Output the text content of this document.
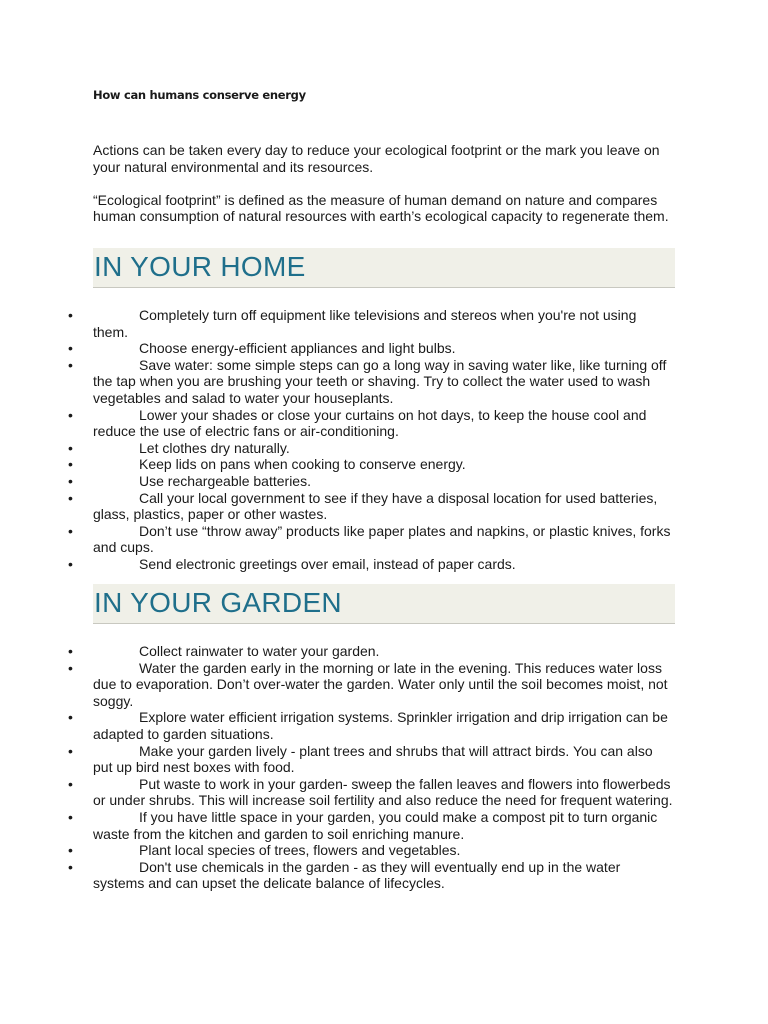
How can humans conserve energy

Actions can be taken every day to reduce your ecological footprint or the mark you leave on your natural environmental and its resources.

“Ecological footprint” is defined as the measure of human demand on nature and compares human consumption of natural resources with earth’s ecological capacity to regenerate them.

IN YOUR HOME
• Completely turn off equipment like televisions and stereos when you're not using them.
• Choose energy-efficient appliances and light bulbs.
• Save water: some simple steps can go a long way in saving water like, like turning off the tap when you are brushing your teeth or shaving. Try to collect the water used to wash vegetables and salad to water your houseplants.
• Lower your shades or close your curtains on hot days, to keep the house cool and reduce the use of electric fans or air-conditioning.
• Let clothes dry naturally.
• Keep lids on pans when cooking to conserve energy.
• Use rechargeable batteries.
• Call your local government to see if they have a disposal location for used batteries, glass, plastics, paper or other wastes.
• Don’t use “throw away” products like paper plates and napkins, or plastic knives, forks and cups.
• Send electronic greetings over email, instead of paper cards.
IN YOUR GARDEN
• Collect rainwater to water your garden.
• Water the garden early in the morning or late in the evening. This reduces water loss due to evaporation. Don’t over-water the garden. Water only until the soil becomes moist, not soggy.
• Explore water efficient irrigation systems. Sprinkler irrigation and drip irrigation can be adapted to garden situations.
• Make your garden lively - plant trees and shrubs that will attract birds. You can also put up bird nest boxes with food.
• Put waste to work in your garden- sweep the fallen leaves and flowers into flowerbeds or under shrubs. This will increase soil fertility and also reduce the need for frequent watering.
• If you have little space in your garden, you could make a compost pit to turn organic waste from the kitchen and garden to soil enriching manure.
• Plant local species of trees, flowers and vegetables.
• Don't use chemicals in the garden - as they will eventually end up in the water systems and can upset the delicate balance of lifecycles.
